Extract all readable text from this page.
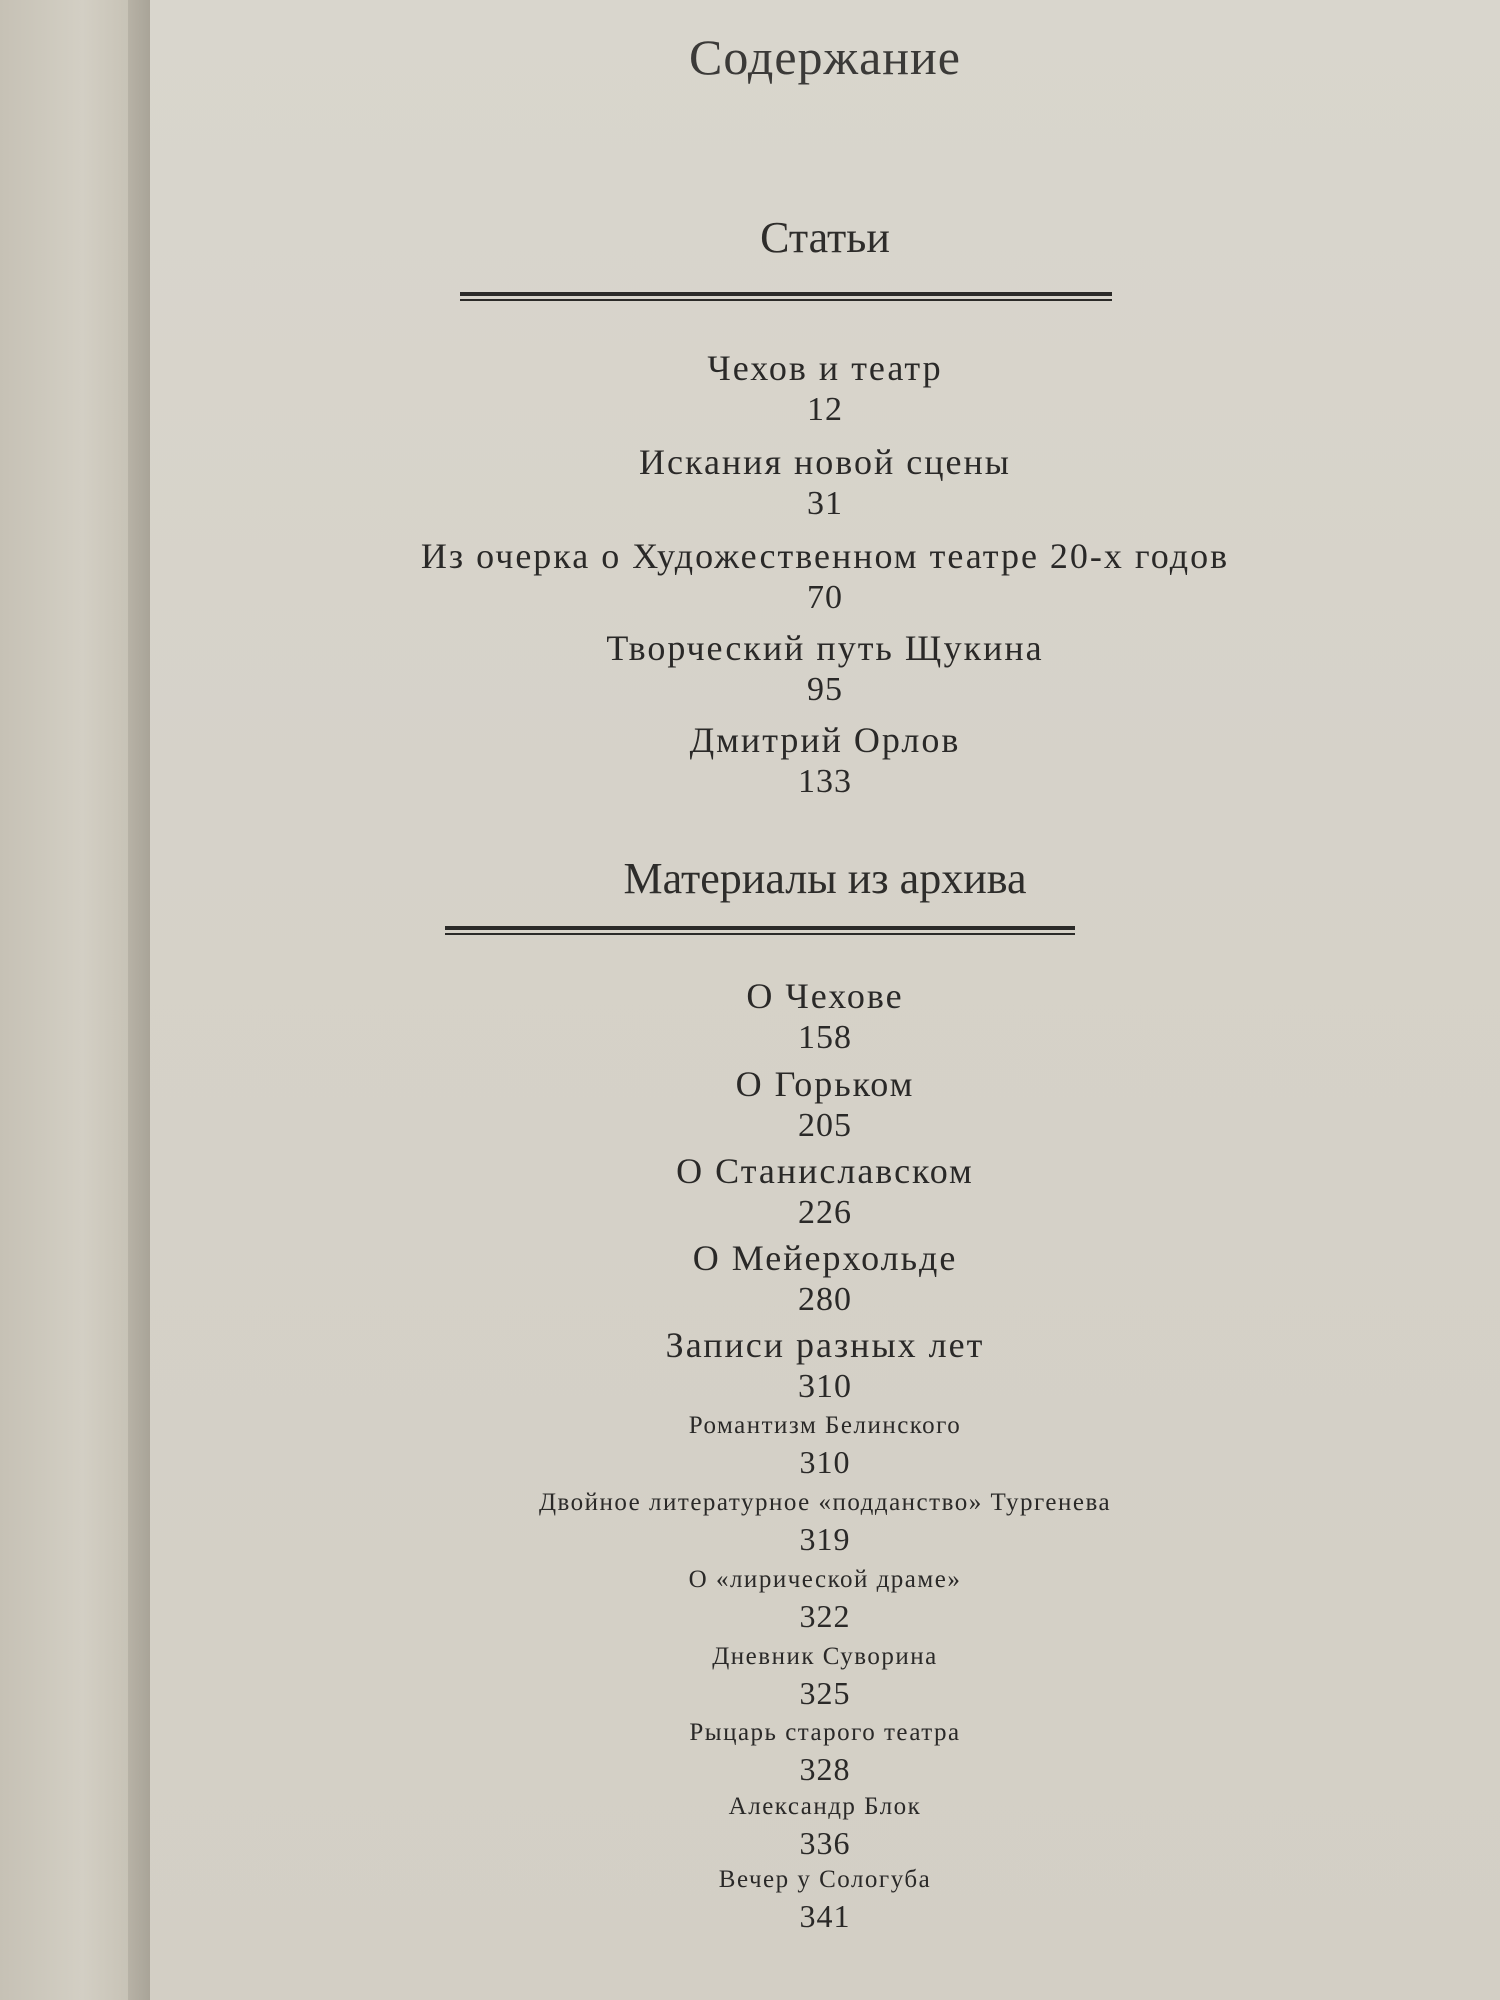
Содержание
Статьи
Чехов и театр
12
Искания новой сцены
31
Из очерка о Художественном театре 20-х годов
70
Творческий путь Щукина
95
Дмитрий Орлов
133
Материалы из архива
О Чехове
158
О Горьком
205
О Станиславском
226
О Мейерхольде
280
Записи разных лет
310
Романтизм Белинского
310
Двойное литературное «подданство» Тургенева
319
О «лирической драме»
322
Дневник Суворина
325
Рыцарь старого театра
328
Александр Блок
336
Вечер у Сологуба
341
